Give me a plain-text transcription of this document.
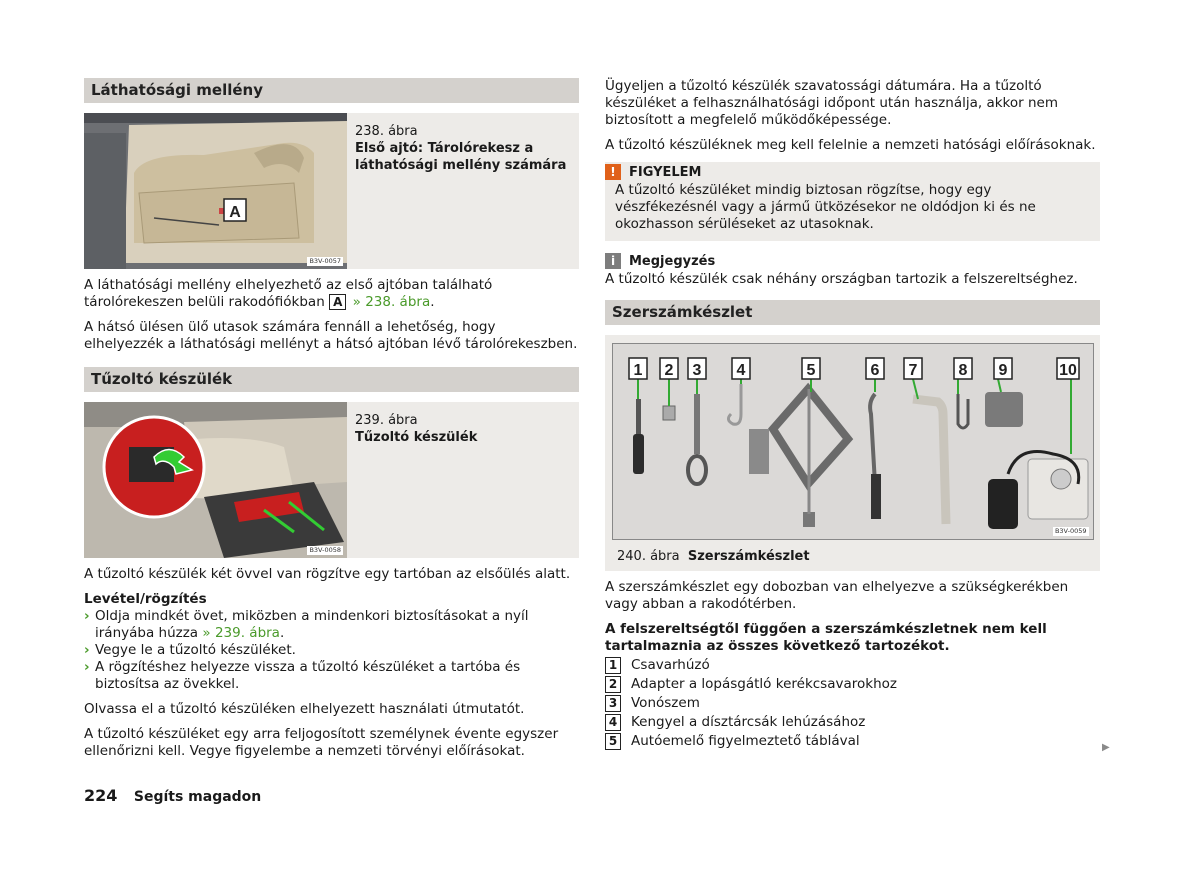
Láthatósági mellény
A
B3V-0057
238. ábra
Első ajtó: Tárolórekesz a láthatósági mellény számára

A láthatósági mellény elhelyezhető az első ajtóban található tárolórekeszen belüli rakodófiókban A » 238. ábra.

A hátsó ülésen ülő utasok számára fennáll a lehetőség, hogy elhelyezzék a láthatósági mellényt a hátsó ajtóban lévő tárolórekeszben.

Tűzoltó készülék
B3V-0058
239. ábra
Tűzoltó készülék

A tűzoltó készülék két övvel van rögzítve egy tartóban az elsőülés alatt.

Levétel/rögzítés
› Oldja mindkét övet, miközben a mindenkori biztosításokat a nyíl irányába húzza » 239. ábra.
› Vegye le a tűzoltó készüléket.
› A rögzítéshez helyezze vissza a tűzoltó készüléket a tartóba és biztosítsa az övekkel.

Olvassa el a tűzoltó készüléken elhelyezett használati útmutatót.

A tűzoltó készüléket egy arra feljogosított személynek évente egyszer ellenőrizni kell. Vegye figyelembe a nemzeti törvényi előírásokat.

Ügyeljen a tűzoltó készülék szavatossági dátumára. Ha a tűzoltó készüléket a felhasználhatósági időpont után használja, akkor nem biztosított a megfelelő működőképessége.

A tűzoltó készüléknek meg kell felelnie a nemzeti hatósági előírásoknak.

!	FIGYELEM
A tűzoltó készüléket mindig biztosan rögzítse, hogy egy vészfékezésnél vagy a jármű ütközésekor ne oldódjon ki és ne okozhasson sérüléseket az utasoknak.
i	Megjegyzés

A tűzoltó készülék csak néhány országban tartozik a felszereltséghez.

Szerszámkészlet
1 2 3 4	5	6 7	8 9	10
B3V-0059
240. ábra Szerszámkészlet

A szerszámkészlet egy dobozban van elhelyezve a szükségkerékben vagy abban a rakodótérben.

A felszereltségtől függően a szerszámkészletnek nem kell tartalmaznia az összes következő tartozékot.
1 Csavarhúzó
2 Adapter a lopásgátló kerékcsavarokhoz
3 Vonószem
4 Kengyel a dísztárcsák lehúzásához
5 Autóemelő figyelmeztető táblával	▶
224 Segíts magadon
